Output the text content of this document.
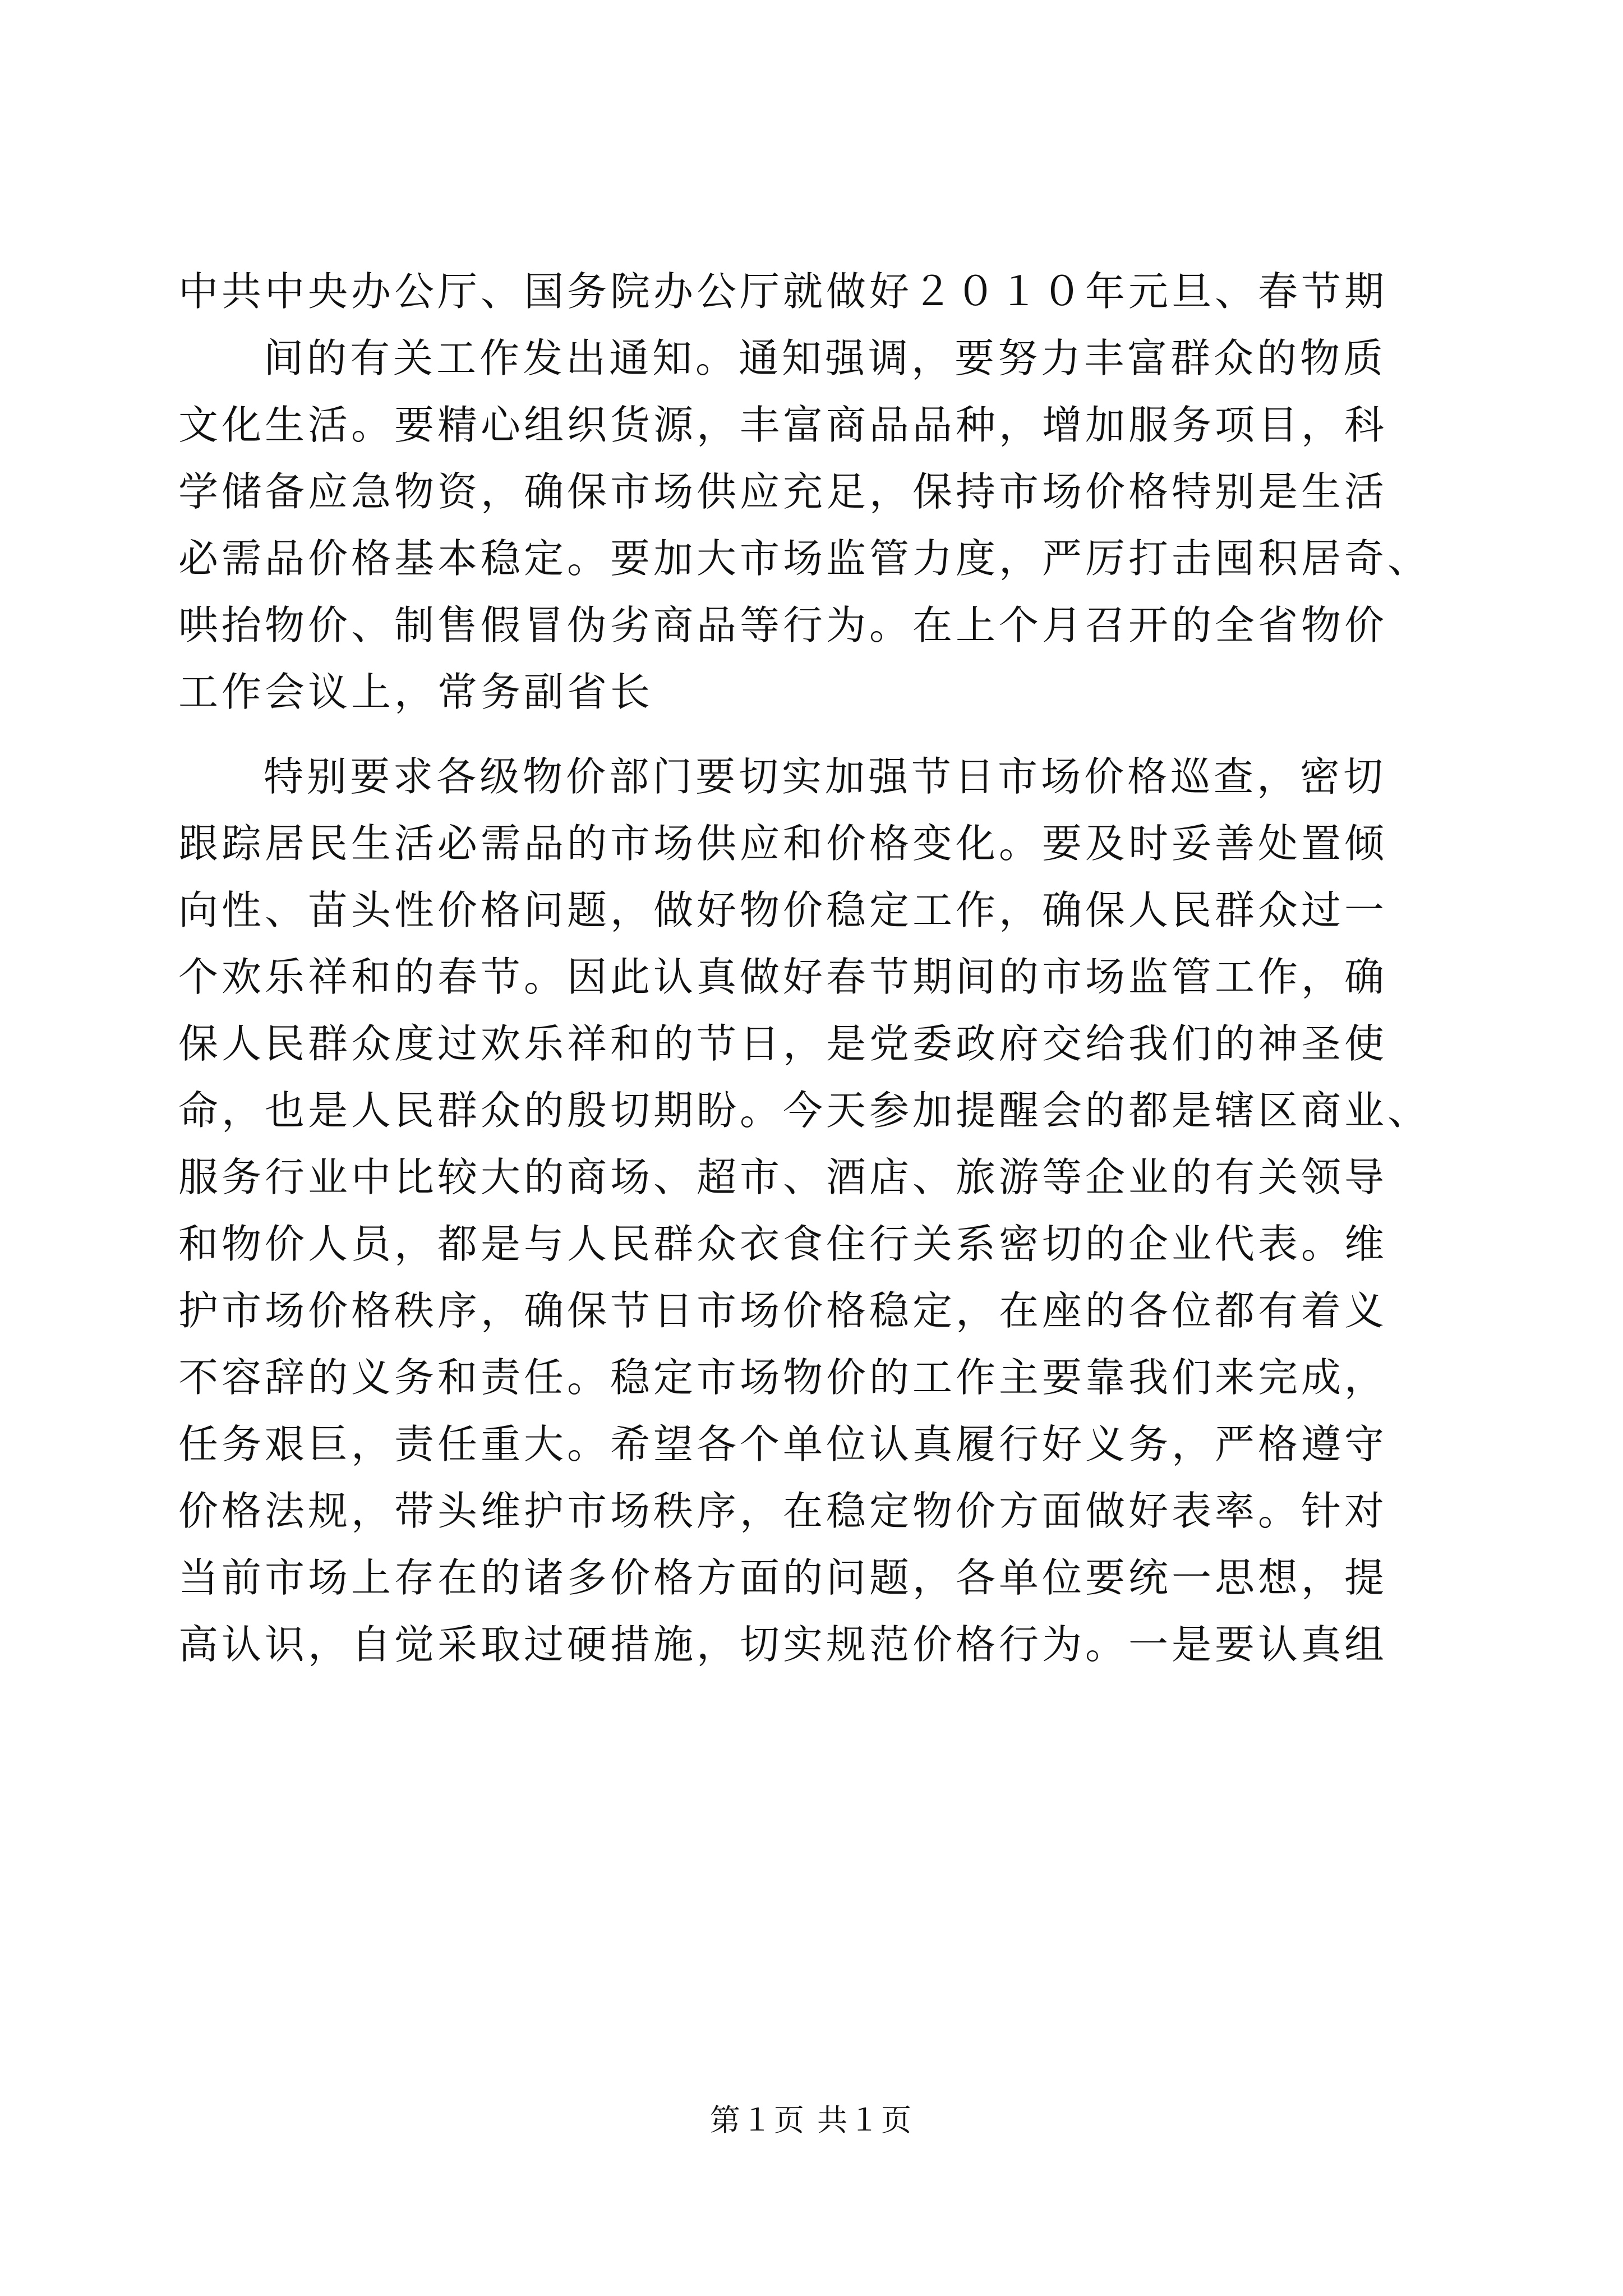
中共中央办公厅、国务院办公厅就做好２０１０年元旦、春节期
间的有关工作发出通知。通知强调，要努力丰富群众的物质
文化生活。要精心组织货源，丰富商品品种，增加服务项目，科
学储备应急物资，确保市场供应充足，保持市场价格特别是生活
必需品价格基本稳定。要加大市场监管力度，严厉打击囤积居奇、
哄抬物价、制售假冒伪劣商品等行为。在上个月召开的全省物价
工作会议上，常务副省长
特别要求各级物价部门要切实加强节日市场价格巡查，密切
跟踪居民生活必需品的市场供应和价格变化。要及时妥善处置倾
向性、苗头性价格问题，做好物价稳定工作，确保人民群众过一
个欢乐祥和的春节。因此认真做好春节期间的市场监管工作，确
保人民群众度过欢乐祥和的节日，是党委政府交给我们的神圣使
命，也是人民群众的殷切期盼。今天参加提醒会的都是辖区商业、
服务行业中比较大的商场、超市、酒店、旅游等企业的有关领导
和物价人员，都是与人民群众衣食住行关系密切的企业代表。维
护市场价格秩序，确保节日市场价格稳定，在座的各位都有着义
不容辞的义务和责任。稳定市场物价的工作主要靠我们来完成，
任务艰巨，责任重大。希望各个单位认真履行好义务，严格遵守
价格法规，带头维护市场秩序，在稳定物价方面做好表率。针对
当前市场上存在的诸多价格方面的问题，各单位要统一思想，提
高认识，自觉采取过硬措施，切实规范价格行为。一是要认真组
第１页 共１页
